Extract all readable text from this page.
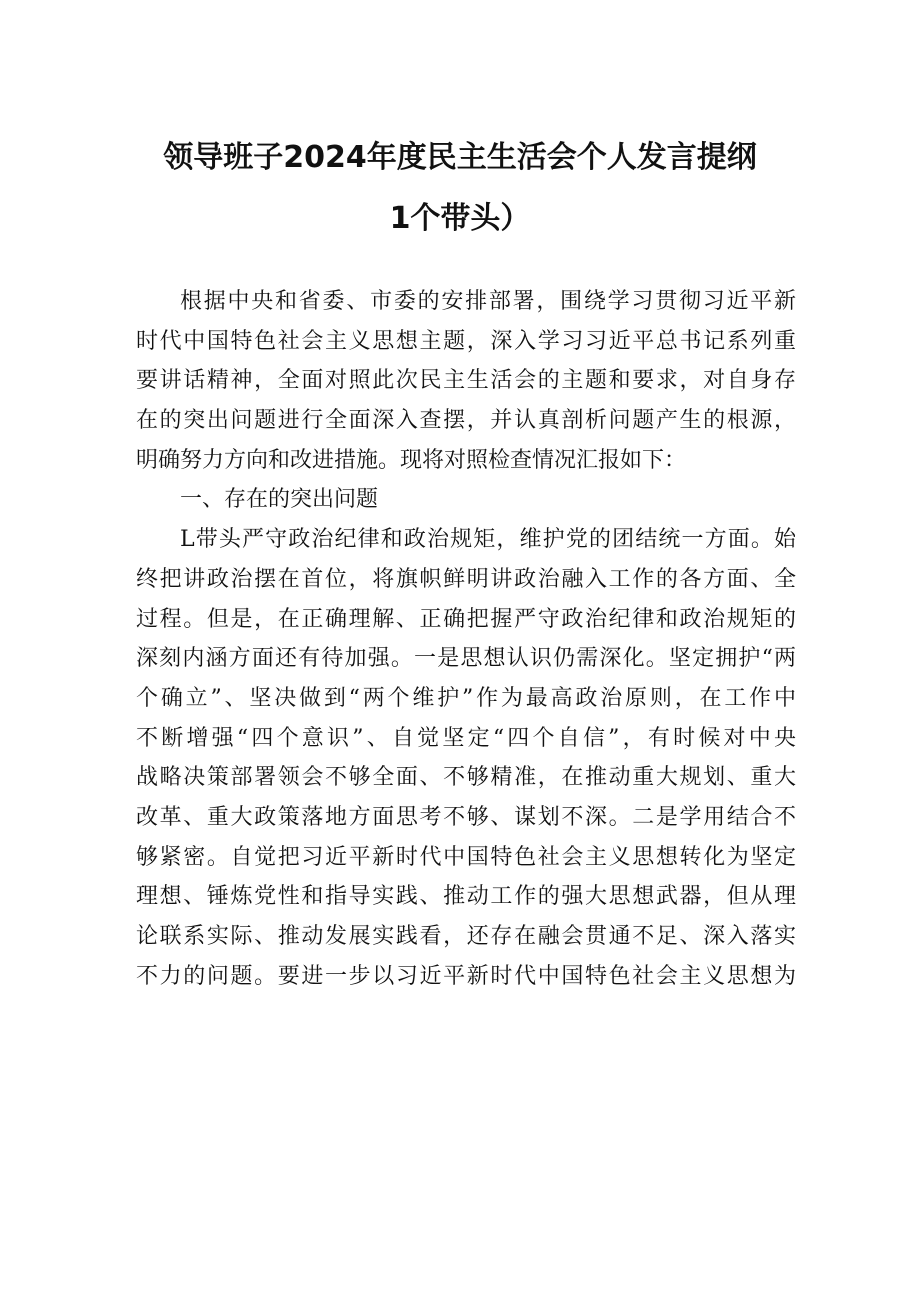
领导班子2024年度民主生活会个人发言提纲
1个带头）
根据中央和省委、市委的安排部署，围绕学习贯彻习近平新
时代中国特色社会主义思想主题，深入学习习近平总书记系列重
要讲话精神，全面对照此次民主生活会的主题和要求，对自身存
在的突出问题进行全面深入查摆，并认真剖析问题产生的根源，
明确努力方向和改进措施。现将对照检查情况汇报如下：
一、存在的突出问题
L带头严守政治纪律和政治规矩，维护党的团结统一方面。始
终把讲政治摆在首位，将旗帜鲜明讲政治融入工作的各方面、全
过程。但是，在正确理解、正确把握严守政治纪律和政治规矩的
深刻内涵方面还有待加强。一是思想认识仍需深化。坚定拥护“两
个确立”、坚决做到“两个维护”作为最高政治原则，在工作中
不断增强“四个意识”、自觉坚定“四个自信”，有时候对中央
战略决策部署领会不够全面、不够精准，在推动重大规划、重大
改革、重大政策落地方面思考不够、谋划不深。二是学用结合不
够紧密。自觉把习近平新时代中国特色社会主义思想转化为坚定
理想、锤炼党性和指导实践、推动工作的强大思想武器，但从理
论联系实际、推动发展实践看，还存在融会贯通不足、深入落实
不力的问题。要进一步以习近平新时代中国特色社会主义思想为
